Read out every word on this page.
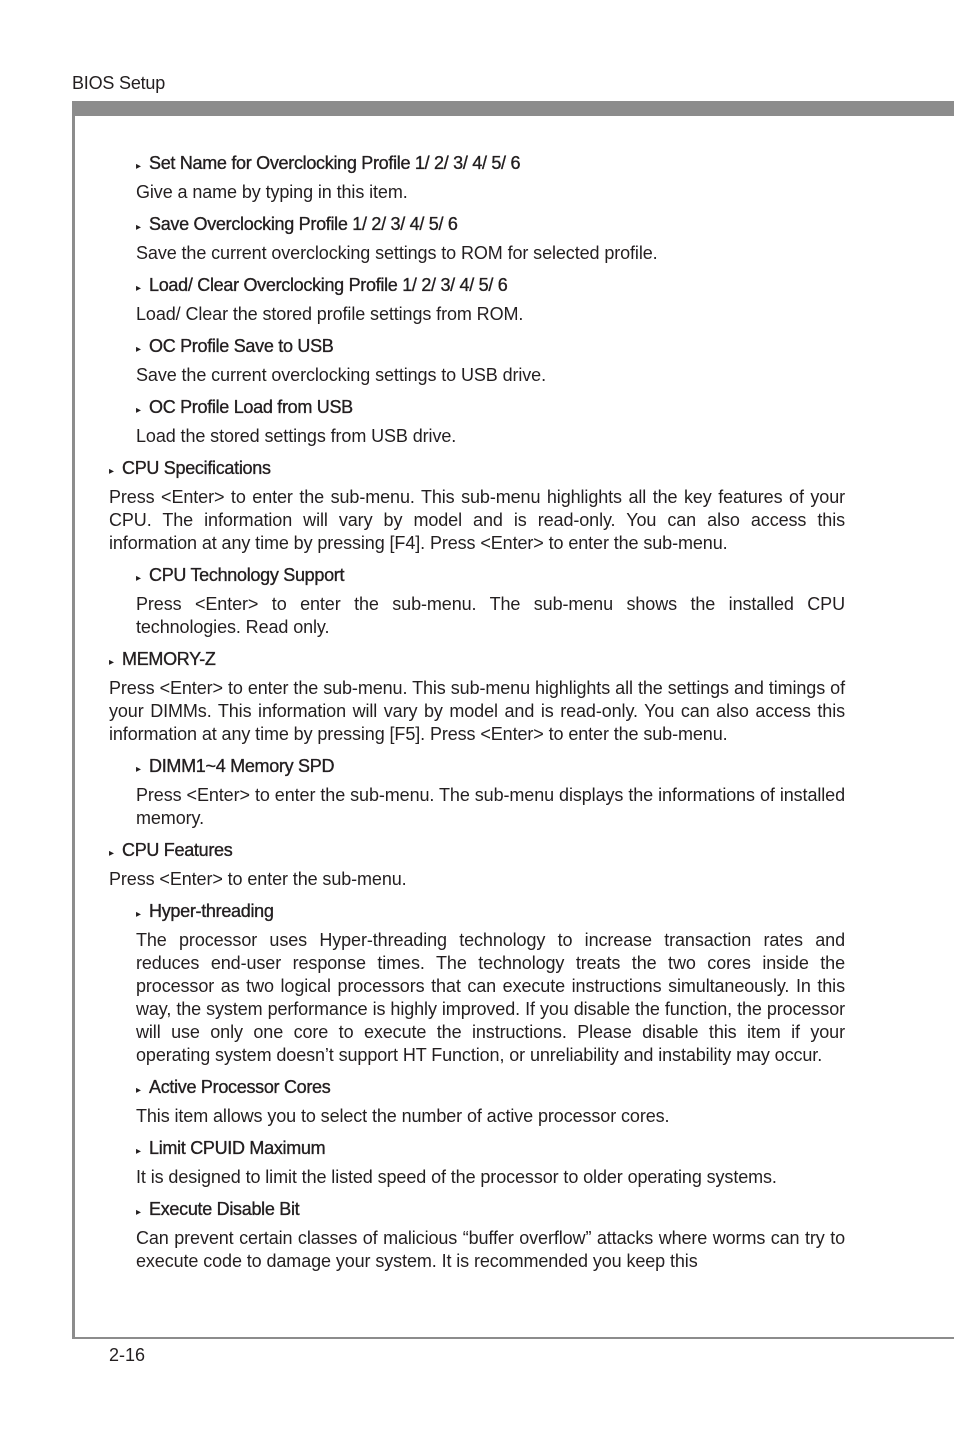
BIOS Setup
▸ Set Name for Overclocking Profile 1/ 2/ 3/ 4/ 5/ 6
Give a name by typing in this item.
▸ Save Overclocking Profile 1/ 2/ 3/ 4/ 5/ 6
Save the current overclocking settings to ROM for selected profile.
▸ Load/ Clear Overclocking Profile 1/ 2/ 3/ 4/ 5/ 6
Load/ Clear the stored profile settings from ROM.
▸ OC Profile Save to USB
Save the current overclocking settings to USB drive.
▸ OC Profile Load from USB
Load the stored settings from USB drive.
▸ CPU Specifications
Press <Enter> to enter the sub-menu. This sub-menu highlights all the key features of your CPU. The information will vary by model and is read-only. You can also access this information at any time by pressing [F4]. Press <Enter> to enter the sub-menu.
▸ CPU Technology Support
Press <Enter> to enter the sub-menu. The sub-menu shows the installed CPU technologies. Read only.
▸ MEMORY-Z
Press <Enter> to enter the sub-menu. This sub-menu highlights all the settings and timings of your DIMMs. This information will vary by model and is read-only. You can also access this information at any time by pressing [F5]. Press <Enter> to enter the sub-menu.
▸ DIMM1~4 Memory SPD
Press <Enter> to enter the sub-menu. The sub-menu displays the informations of installed memory.
▸ CPU Features
Press <Enter> to enter the sub-menu.
▸ Hyper-threading
The processor uses Hyper-threading technology to increase transaction rates and reduces end-user response times. The technology treats the two cores inside the processor as two logical processors that can execute instructions simultaneously. In this way, the system performance is highly improved. If you disable the function, the processor will use only one core to execute the instructions. Please disable this item if your operating system doesn’t support HT Function, or unreliability and instability may occur.
▸ Active Processor Cores
This item allows you to select the number of active processor cores.
▸ Limit CPUID Maximum
It is designed to limit the listed speed of the processor to older operating systems.
▸ Execute Disable Bit
Can prevent certain classes of malicious “buffer overflow” attacks where worms can try to execute code to damage your system. It is recommended you keep this
2-16
